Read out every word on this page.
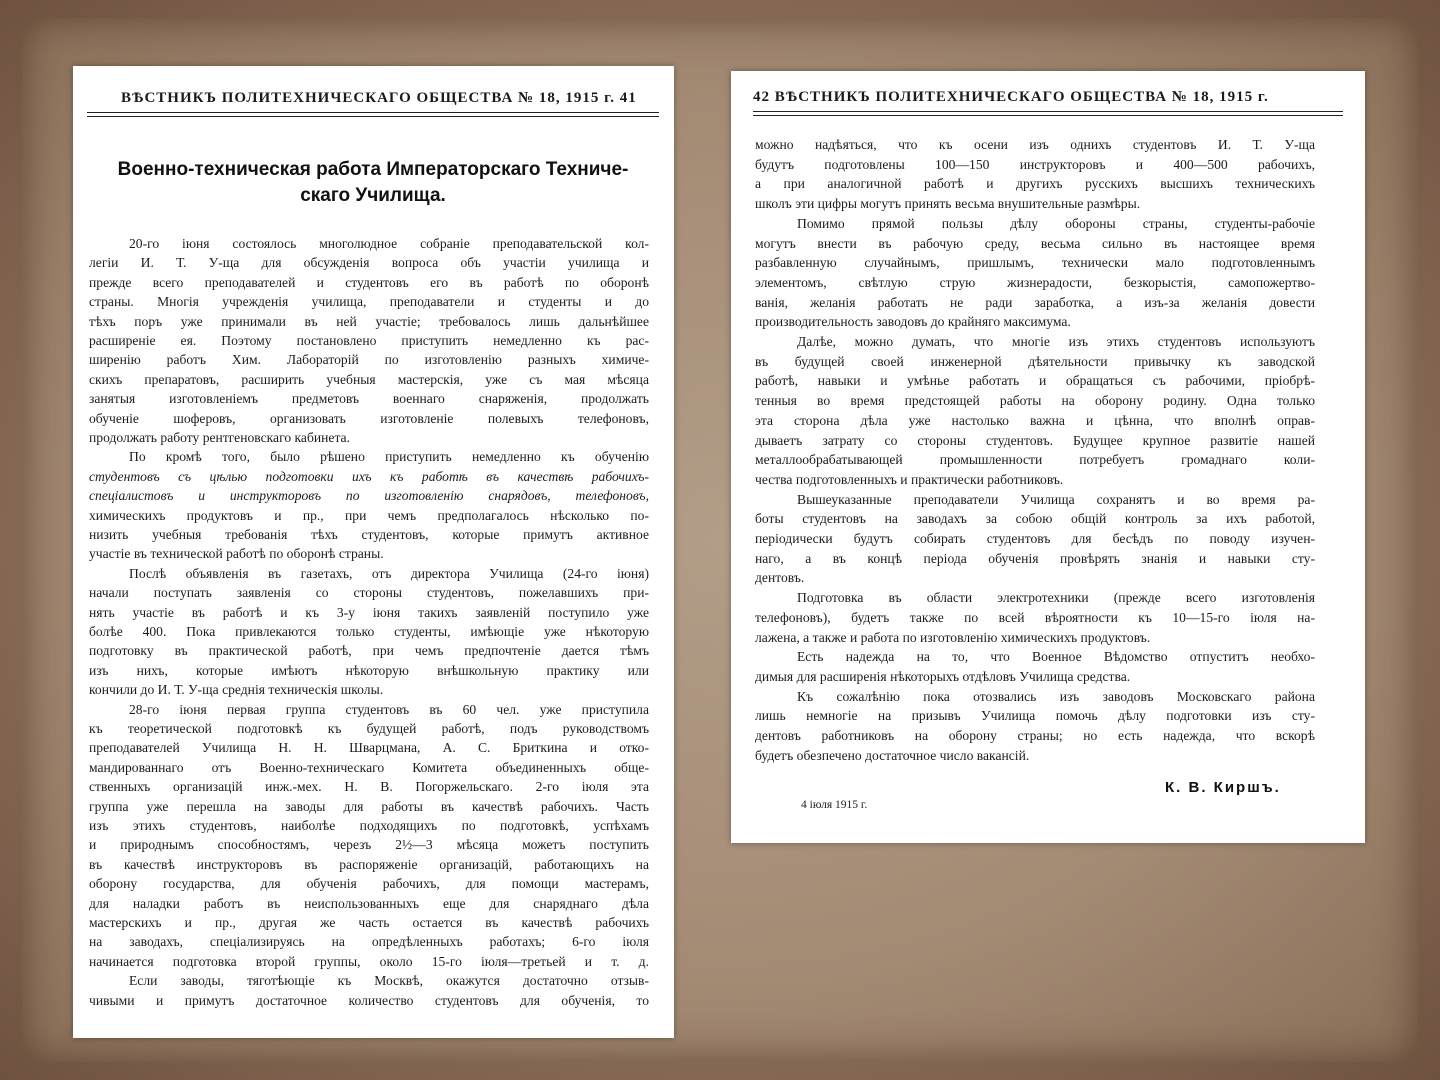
ВѢСТНИКЪ ПОЛИТЕХНИЧЕСКАГО ОБЩЕСТВА № 18, 1915 г. 41
Военно-техническая работа Императорскаго Техниче-
скаго Училища.
20-го іюня состоялось многолюдное собраніе преподавательской кол-
легіи И. Т. У-ща для обсужденія вопроса объ участіи училища и
прежде всего преподавателей и студентовъ его въ работѣ по оборонѣ
страны. Многія учрежденія училища, преподаватели и студенты и до
тѣхъ поръ уже принимали въ ней участіе; требовалось лишь дальнѣйшее
расширеніе ея. Поэтому постановлено приступить немедленно къ рас-
ширенію работъ Хим. Лабораторій по изготовленію разныхъ химиче-
скихъ препаратовъ, расширить учебныя мастерскія, уже съ мая мѣсяца
занятыя изготовленіемъ предметовъ военнаго снаряженія, продолжать
обученіе шоферовъ, организовать изготовленіе полевыхъ телефоновъ,
продолжать работу рентгеновскаго кабинета.
По кромѣ того, было рѣшено приступить немедленно къ обученію
студентовъ съ цѣлью подготовки ихъ къ работѣ въ качествѣ рабочихъ-
спеціалистовъ и инструкторовъ по изготовленію снарядовъ, телефоновъ,
химическихъ продуктовъ и пр., при чемъ предполагалось нѣсколько по-
низить учебныя требованія тѣхъ студентовъ, которые примутъ активное
участіе въ технической работѣ по оборонѣ страны.
Послѣ объявленія въ газетахъ, отъ директора Училища (24-го іюня)
начали поступать заявленія со стороны студентовъ, пожелавшихъ при-
нять участіе въ работѣ и къ 3-у іюня такихъ заявленій поступило уже
болѣе 400. Пока привлекаются только студенты, имѣющіе уже нѣкоторую
подготовку въ практической работѣ, при чемъ предпочтеніе дается тѣмъ
изъ нихъ, которые имѣютъ нѣкоторую внѣшкольную практику или
кончили до И. Т. У-ща среднія техническія школы.
28-го іюня первая группа студентовъ въ 60 чел. уже приступила
къ теоретической подготовкѣ къ будущей работѣ, подъ руководствомъ
преподавателей Училища Н. Н. Шварцмана, А. С. Бриткина и отко-
мандированнаго отъ Военно-техническаго Комитета объединенныхъ обще-
ственныхъ организацій инж.-мех. Н. В. Погоржельскаго. 2-го іюля эта
группа уже перешла на заводы для работы въ качествѣ рабочихъ. Часть
изъ этихъ студентовъ, наиболѣе подходящихъ по подготовкѣ, успѣхамъ
и природнымъ способностямъ, черезъ 2½—3 мѣсяца можетъ поступить
въ качествѣ инструкторовъ въ распоряженіе организацій, работающихъ на
оборону государства, для обученія рабочихъ, для помощи мастерамъ,
для наладки работъ въ неиспользованныхъ еще для снаряднаго дѣла
мастерскихъ и пр., другая же часть остается въ качествѣ рабочихъ
на заводахъ, спеціализируясь на опредѣленныхъ работахъ; 6-го іюля
начинается подготовка второй группы, около 15-го іюля—третьей и т. д.
Если заводы, тяготѣющіе къ Москвѣ, окажутся достаточно отзыв-
чивыми и примутъ достаточное количество студентовъ для обученія, то
42 ВѢСТНИКЪ ПОЛИТЕХНИЧЕСКАГО ОБЩЕСТВА № 18, 1915 г.
можно надѣяться, что къ осени изъ однихъ студентовъ И. Т. У-ща
будутъ подготовлены 100—150 инструкторовъ и 400—500 рабочихъ,
а при аналогичной работѣ и другихъ русскихъ высшихъ техническихъ
школъ эти цифры могутъ принять весьма внушительные размѣры.
Помимо прямой пользы дѣлу обороны страны, студенты-рабочіе
могутъ внести въ рабочую среду, весьма сильно въ настоящее время
разбавленную случайнымъ, пришлымъ, технически мало подготовленнымъ
элементомъ, свѣтлую струю жизнерадости, безкорыстія, самопожертво-
ванія, желанія работать не ради заработка, а изъ-за желанія довести
производительность заводовъ до крайняго максимума.
Далѣе, можно думать, что многіе изъ этихъ студентовъ используютъ
въ будущей своей инженерной дѣятельности привычку къ заводской
работѣ, навыки и умѣнье работать и обращаться съ рабочими, пріобрѣ-
тенныя во время предстоящей работы на оборону родину. Одна только
эта сторона дѣла уже настолько важна и цѣнна, что вполнѣ оправ-
дываетъ затрату со стороны студентовъ. Будущее крупное развитіе нашей
металлообрабатывающей промышленности потребуетъ громаднаго коли-
чества подготовленныхъ и практически работниковъ.
Вышеуказанные преподаватели Училища сохранятъ и во время ра-
боты студентовъ на заводахъ за собою общій контроль за ихъ работой,
періодически будутъ собирать студентовъ для бесѣдъ по поводу изучен-
наго, а въ концѣ періода обученія провѣрять знанія и навыки сту-
дентовъ.
Подготовка въ области электротехники (прежде всего изготовленія
телефоновъ), будетъ также по всей вѣроятности къ 10—15-го іюля на-
лажена, а также и работа по изготовленію химическихъ продуктовъ.
Есть надежда на то, что Военное Вѣдомство отпуститъ необхо-
димыя для расширенія нѣкоторыхъ отдѣловъ Училища средства.
Къ сожалѣнію пока отозвались изъ заводовъ Московскаго района
лишь немногіе на призывъ Училища помочь дѣлу подготовки изъ сту-
дентовъ работниковъ на оборону страны; но есть надежда, что вскорѣ
будетъ обезпечено достаточное число вакансій.
К. В. Киршъ.
4 іюля 1915 г.
